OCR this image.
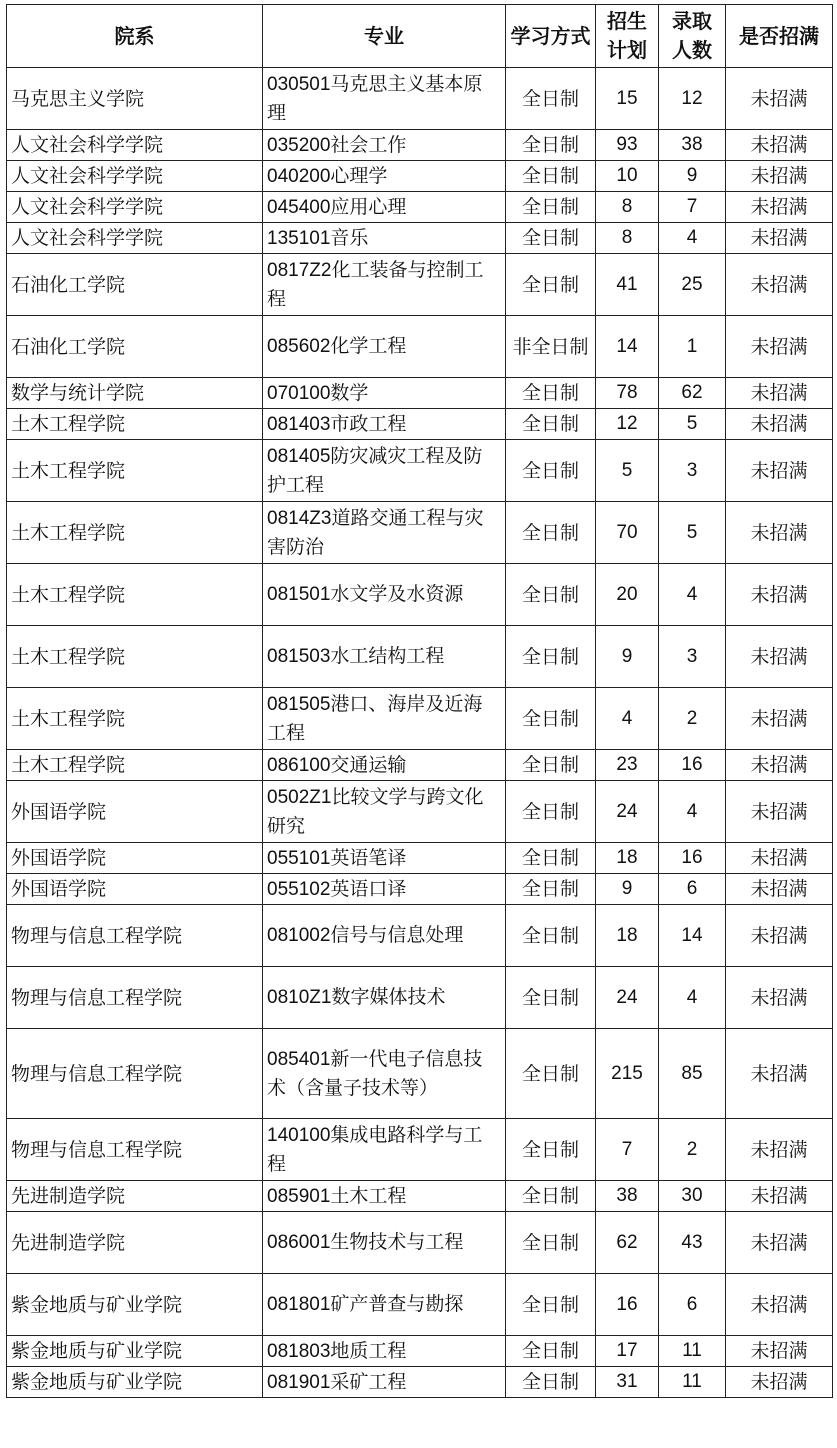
院系	专业	学习方式	招生计划	录取人数	是否招满
马克思主义学院	030501马克思主义基本原理	全日制	15	12	未招满
人文社会科学学院	035200社会工作	全日制	93	38	未招满
人文社会科学学院	040200心理学	全日制	10	9	未招满
人文社会科学学院	045400应用心理	全日制	8	7	未招满
人文社会科学学院	135101音乐	全日制	8	4	未招满
石油化工学院	0817Z2化工装备与控制工程	全日制	41	25	未招满
石油化工学院	085602化学工程	非全日制	14	1	未招满
数学与统计学院	070100数学	全日制	78	62	未招满
土木工程学院	081403市政工程	全日制	12	5	未招满
土木工程学院	081405防灾减灾工程及防护工程	全日制	5	3	未招满
土木工程学院	0814Z3道路交通工程与灾害防治	全日制	70	5	未招满
土木工程学院	081501水文学及水资源	全日制	20	4	未招满
土木工程学院	081503水工结构工程	全日制	9	3	未招满
土木工程学院	081505港口、海岸及近海工程	全日制	4	2	未招满
土木工程学院	086100交通运输	全日制	23	16	未招满
外国语学院	0502Z1比较文学与跨文化研究	全日制	24	4	未招满
外国语学院	055101英语笔译	全日制	18	16	未招满
外国语学院	055102英语口译	全日制	9	6	未招满
物理与信息工程学院	081002信号与信息处理	全日制	18	14	未招满
物理与信息工程学院	0810Z1数字媒体技术	全日制	24	4	未招满
物理与信息工程学院	085401新一代电子信息技术（含量子技术等）	全日制	215	85	未招满
物理与信息工程学院	140100集成电路科学与工程	全日制	7	2	未招满
先进制造学院	085901土木工程	全日制	38	30	未招满
先进制造学院	086001生物技术与工程	全日制	62	43	未招满
紫金地质与矿业学院	081801矿产普查与勘探	全日制	16	6	未招满
紫金地质与矿业学院	081803地质工程	全日制	17	11	未招满
紫金地质与矿业学院	081901采矿工程	全日制	31	11	未招满
